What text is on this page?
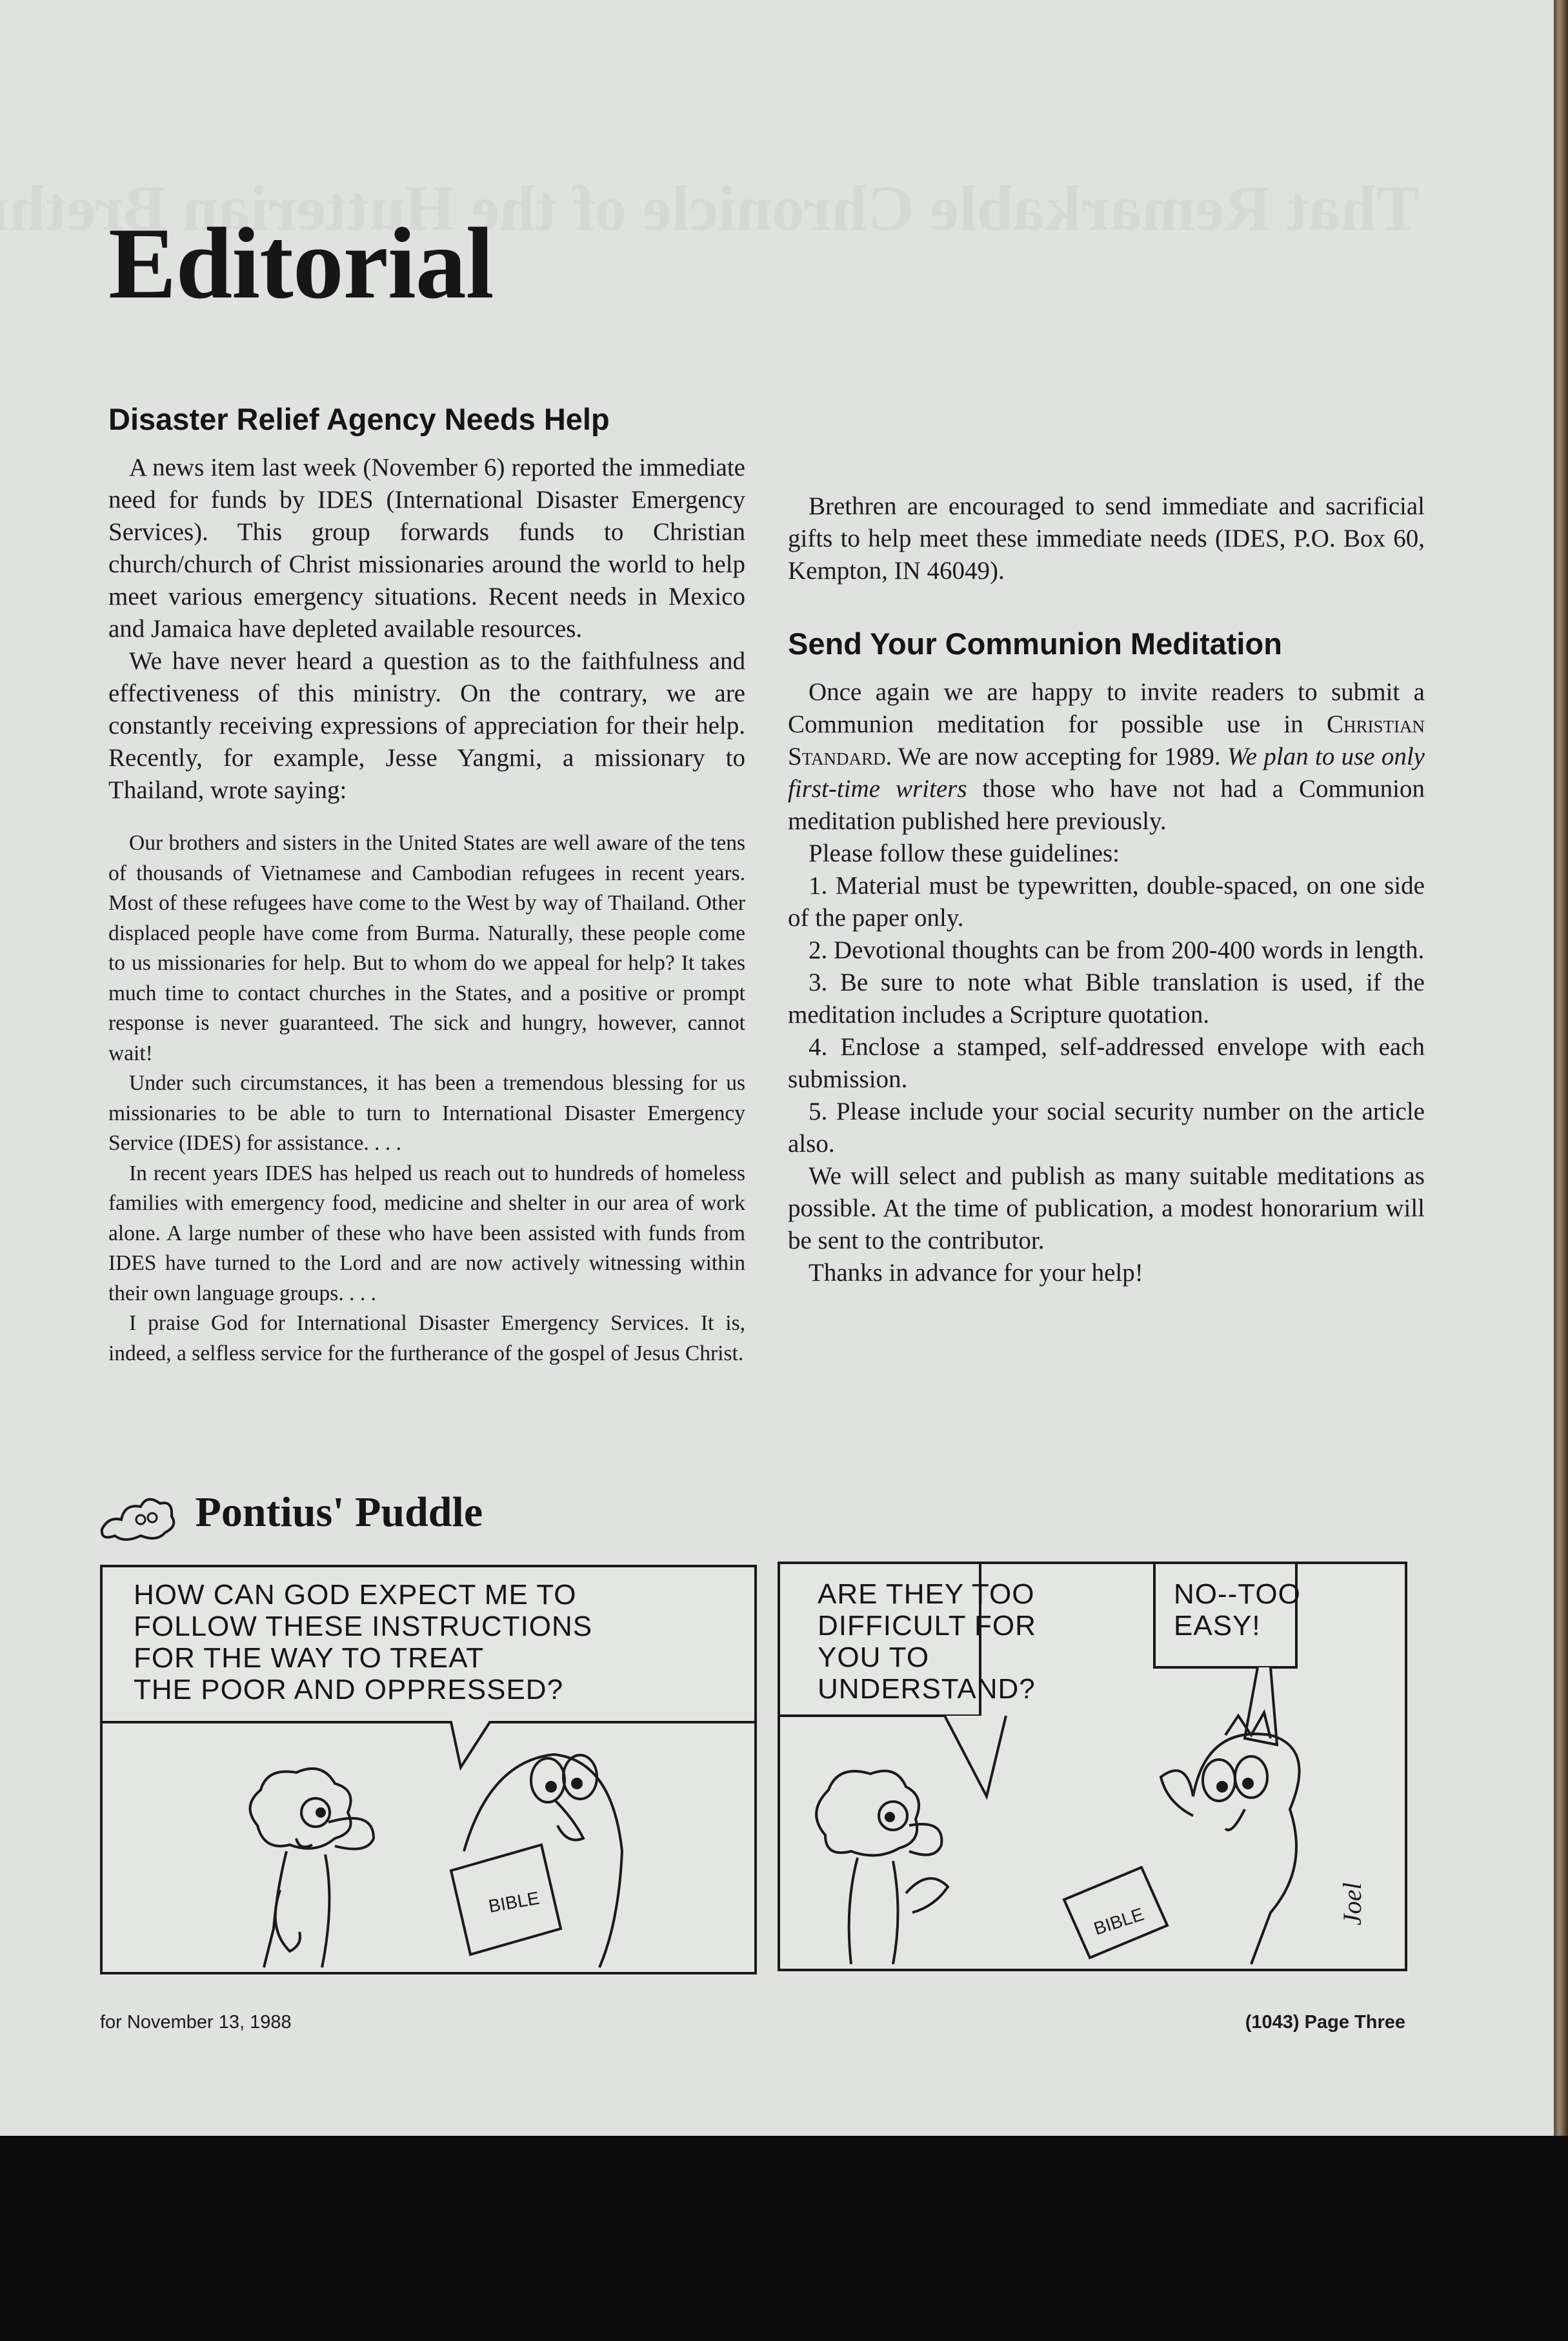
Editorial
Disaster Relief Agency Needs Help

A news item last week (November 6) reported the immediate need for funds by IDES (International Disaster Emergency Services). This group forwards funds to Christian church/church of Christ missionaries around the world to help meet various emergency situations. Recent needs in Mexico and Jamaica have depleted available resources.

We have never heard a question as to the faithfulness and effectiveness of this ministry. On the contrary, we are constantly receiving expressions of appreciation for their help. Recently, for example, Jesse Yangmi, a missionary to Thailand, wrote saying:

Our brothers and sisters in the United States are well aware of the tens of thousands of Vietnamese and Cambodian refugees in recent years. Most of these refugees have come to the West by way of Thailand. Other displaced people have come from Burma. Naturally, these people come to us missionaries for help. But to whom do we appeal for help? It takes much time to contact churches in the States, and a positive or prompt response is never guaranteed. The sick and hungry, however, cannot wait!

Under such circumstances, it has been a tremendous blessing for us missionaries to be able to turn to International Disaster Emergency Service (IDES) for assistance. . . .

In recent years IDES has helped us reach out to hundreds of homeless families with emergency food, medicine and shelter in our area of work alone. A large number of these who have been assisted with funds from IDES have turned to the Lord and are now actively witnessing within their own language groups. . . .

I praise God for International Disaster Emergency Services. It is, indeed, a selfless service for the furtherance of the gospel of Jesus Christ.

Brethren are encouraged to send immediate and sacrificial gifts to help meet these immediate needs (IDES, P.O. Box 60, Kempton, IN 46049).

Send Your Communion Meditation

Once again we are happy to invite readers to submit a Communion meditation for possible use in Christian Standard. We are now accepting for 1989. We plan to use only first-time writers those who have not had a Communion meditation published here previously.

Please follow these guidelines:

1. Material must be typewritten, double-spaced, on one side of the paper only.

2. Devotional thoughts can be from 200-400 words in length.

3. Be sure to note what Bible translation is used, if the meditation includes a Scripture quotation.

4. Enclose a stamped, self-addressed envelope with each submission.

5. Please include your social security number on the article also.

We will select and publish as many suitable meditations as possible. At the time of publication, a modest honorarium will be sent to the contributor.

Thanks in advance for your help!

Pontius' Puddle
BIBLE
HOW CAN GOD EXPECT ME TO
FOLLOW THESE INSTRUCTIONS
FOR THE WAY TO TREAT
THE POOR AND OPPRESSED?
BIBLE	Joel
ARE THEY TOO
DIFFICULT FOR
YOU TO
UNDERSTAND?
NO--TOO
EASY!
for November 13, 1988	(1043) Page Three
